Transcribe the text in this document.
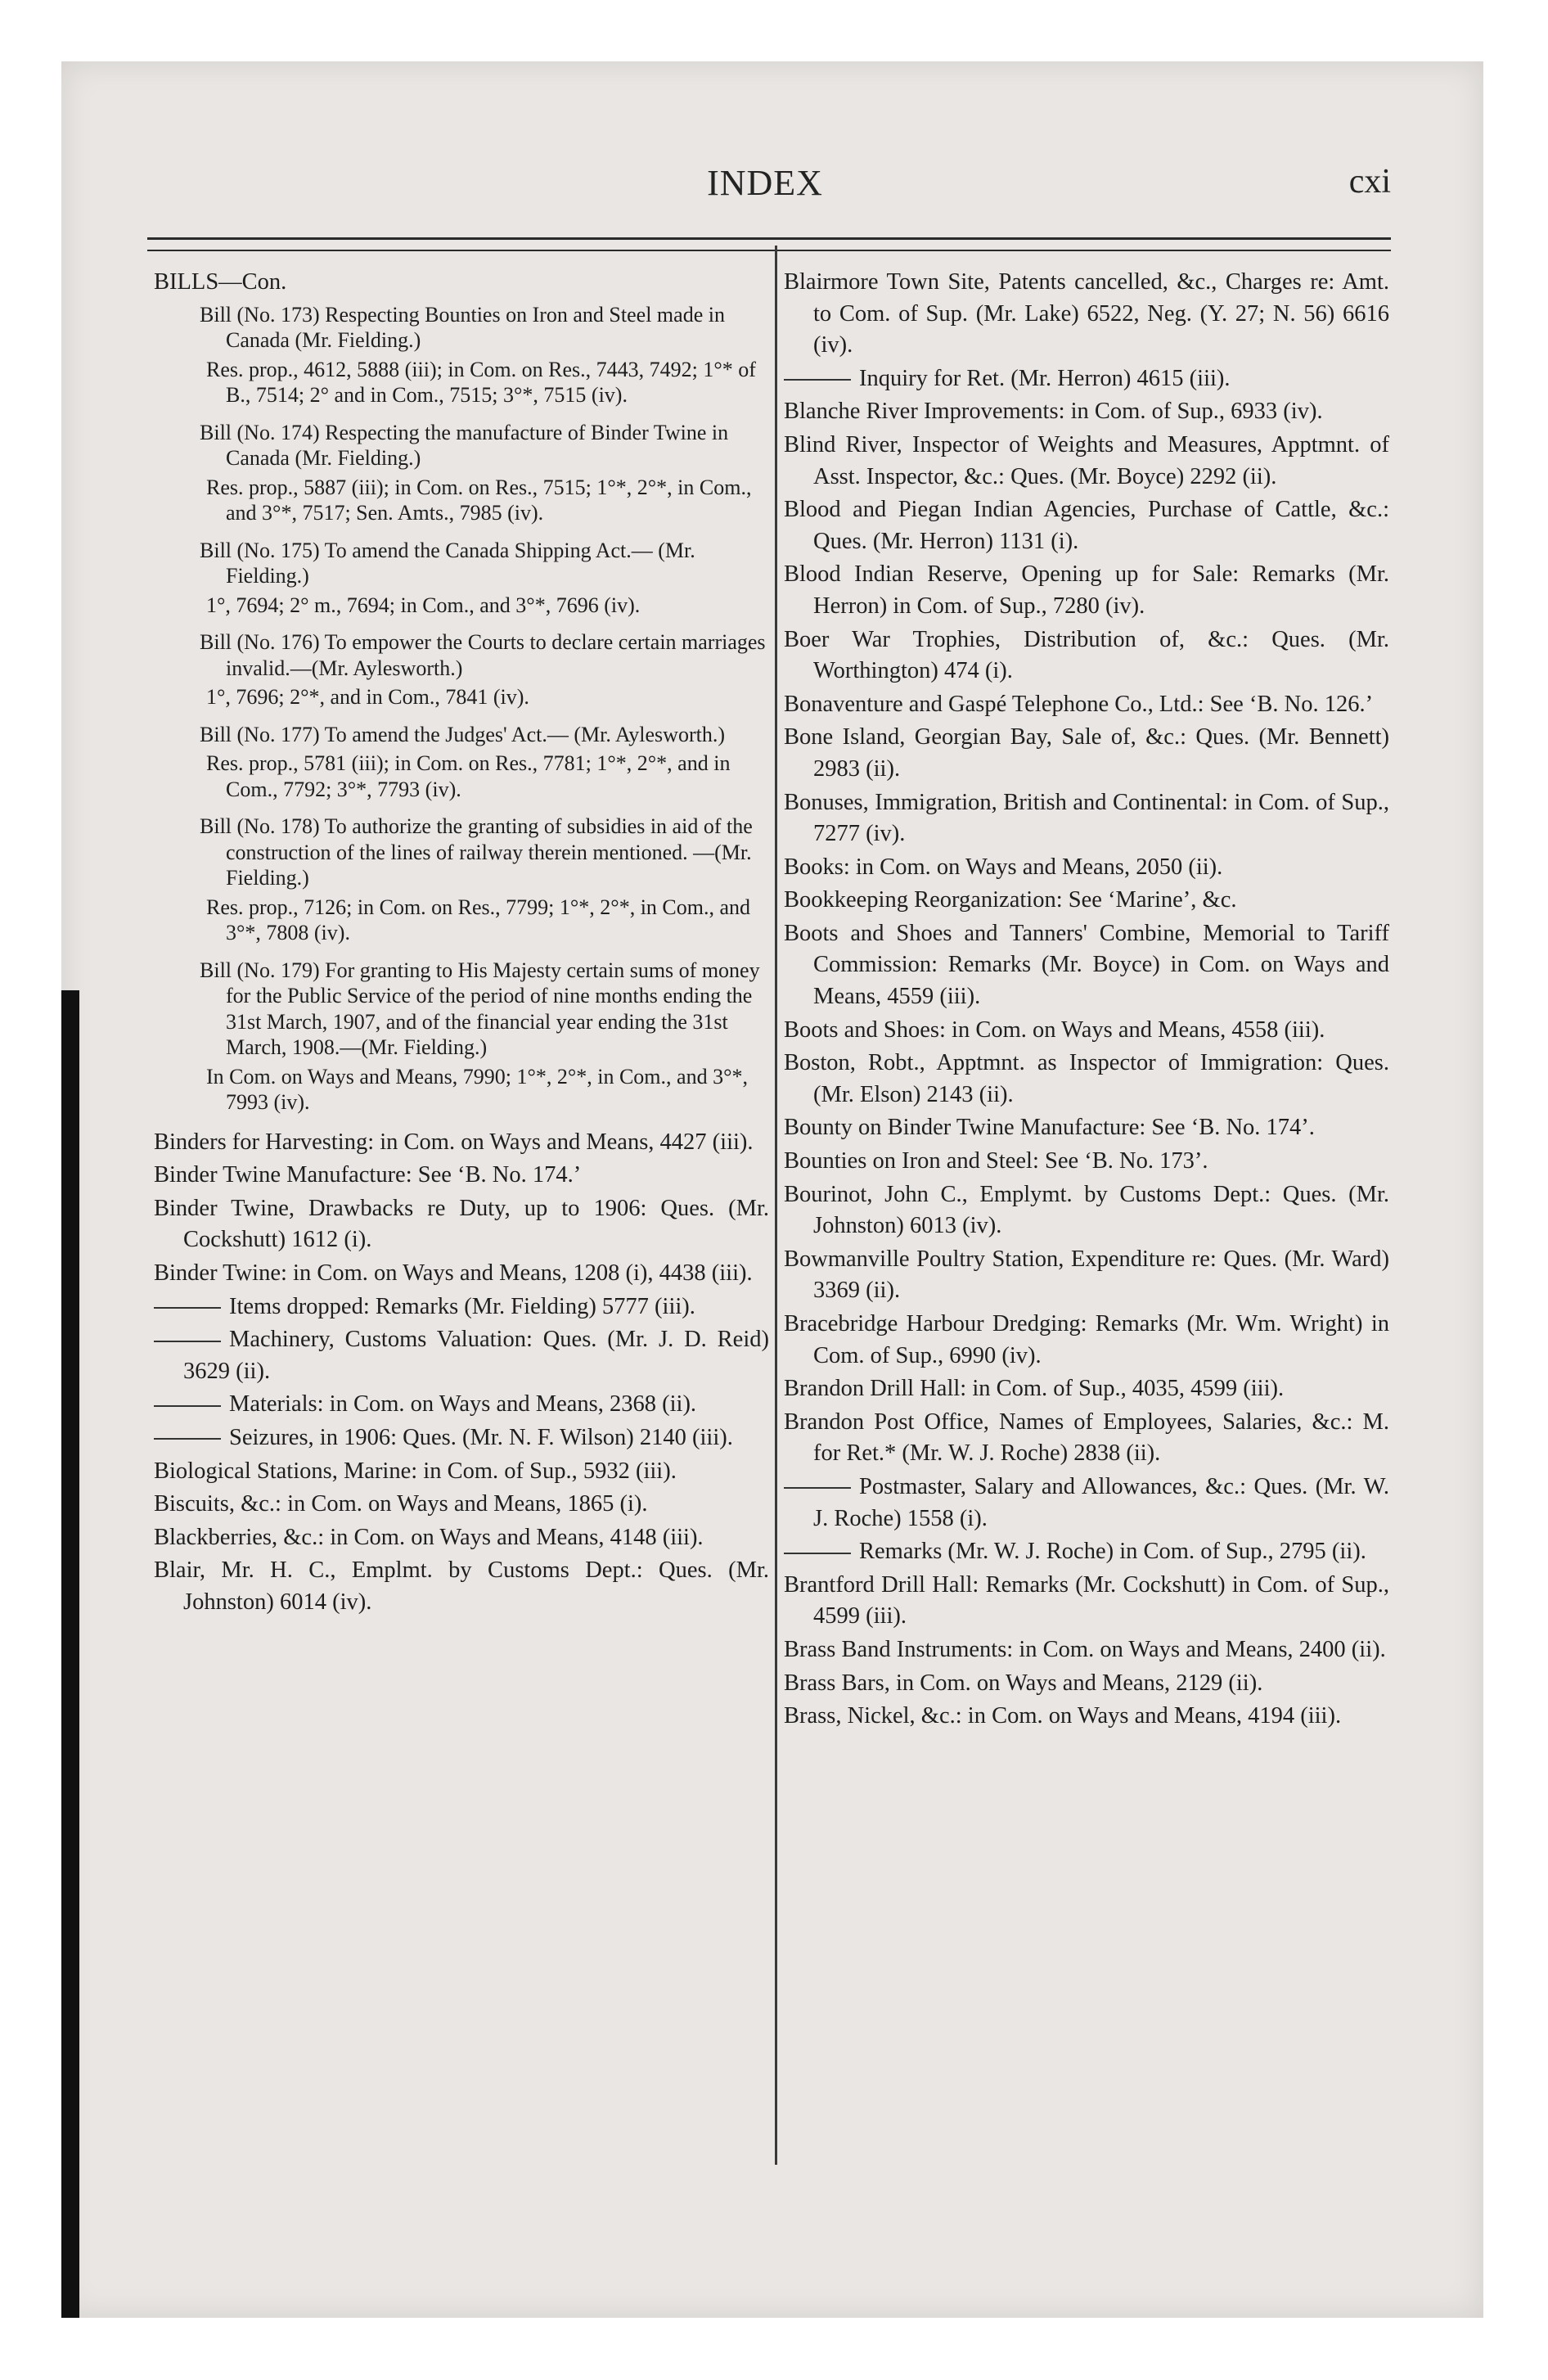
INDEX	cxi

BILLS—Con.

Bill (No. 173) Respecting Bounties on Iron and Steel made in Canada (Mr. Fielding.)

Res. prop., 4612, 5888 (iii); in Com. on Res., 7443, 7492; 1°* of B., 7514; 2° and in Com., 7515; 3°*, 7515 (iv).

Bill (No. 174) Respecting the manufacture of Binder Twine in Canada (Mr. Fielding.)

Res. prop., 5887 (iii); in Com. on Res., 7515; 1°*, 2°*, in Com., and 3°*, 7517; Sen. Amts., 7985 (iv).

Bill (No. 175) To amend the Canada Shipping Act.— (Mr. Fielding.)

1°, 7694; 2° m., 7694; in Com., and 3°*, 7696 (iv).

Bill (No. 176) To empower the Courts to declare certain marriages invalid.—(Mr. Aylesworth.)

1°, 7696; 2°*, and in Com., 7841 (iv).

Bill (No. 177) To amend the Judges' Act.— (Mr. Aylesworth.)

Res. prop., 5781 (iii); in Com. on Res., 7781; 1°*, 2°*, and in Com., 7792; 3°*, 7793 (iv).

Bill (No. 178) To authorize the granting of subsidies in aid of the construction of the lines of railway therein mentioned. —(Mr. Fielding.)

Res. prop., 7126; in Com. on Res., 7799; 1°*, 2°*, in Com., and 3°*, 7808 (iv).

Bill (No. 179) For granting to His Majesty certain sums of money for the Public Service of the period of nine months ending the 31st March, 1907, and of the financial year ending the 31st March, 1908.—(Mr. Fielding.)

In Com. on Ways and Means, 7990; 1°*, 2°*, in Com., and 3°*, 7993 (iv).

Binders for Harvesting: in Com. on Ways and Means, 4427 (iii).

Binder Twine Manufacture: See ‘B. No. 174.’

Binder Twine, Drawbacks re Duty, up to 1906: Ques. (Mr. Cockshutt) 1612 (i).

Binder Twine: in Com. on Ways and Means, 1208 (i), 4438 (iii).

Items dropped: Remarks (Mr. Fielding) 5777 (iii).

Machinery, Customs Valuation: Ques. (Mr. J. D. Reid) 3629 (ii).

Materials: in Com. on Ways and Means, 2368 (ii).

Seizures, in 1906: Ques. (Mr. N. F. Wilson) 2140 (iii).

Biological Stations, Marine: in Com. of Sup., 5932 (iii).

Biscuits, &c.: in Com. on Ways and Means, 1865 (i).

Blackberries, &c.: in Com. on Ways and Means, 4148 (iii).

Blair, Mr. H. C., Emplmt. by Customs Dept.: Ques. (Mr. Johnston) 6014 (iv).

Blairmore Town Site, Patents cancelled, &c., Charges re: Amt. to Com. of Sup. (Mr. Lake) 6522, Neg. (Y. 27; N. 56) 6616 (iv).

Inquiry for Ret. (Mr. Herron) 4615 (iii).

Blanche River Improvements: in Com. of Sup., 6933 (iv).

Blind River, Inspector of Weights and Measures, Apptmnt. of Asst. Inspector, &c.: Ques. (Mr. Boyce) 2292 (ii).

Blood and Piegan Indian Agencies, Purchase of Cattle, &c.: Ques. (Mr. Herron) 1131 (i).

Blood Indian Reserve, Opening up for Sale: Remarks (Mr. Herron) in Com. of Sup., 7280 (iv).

Boer War Trophies, Distribution of, &c.: Ques. (Mr. Worthington) 474 (i).

Bonaventure and Gaspé Telephone Co., Ltd.: See ‘B. No. 126.’

Bone Island, Georgian Bay, Sale of, &c.: Ques. (Mr. Bennett) 2983 (ii).

Bonuses, Immigration, British and Continental: in Com. of Sup., 7277 (iv).

Books: in Com. on Ways and Means, 2050 (ii).

Bookkeeping Reorganization: See ‘Marine’, &c.

Boots and Shoes and Tanners' Combine, Memorial to Tariff Commission: Remarks (Mr. Boyce) in Com. on Ways and Means, 4559 (iii).

Boots and Shoes: in Com. on Ways and Means, 4558 (iii).

Boston, Robt., Apptmnt. as Inspector of Immigration: Ques. (Mr. Elson) 2143 (ii).

Bounty on Binder Twine Manufacture: See ‘B. No. 174’.

Bounties on Iron and Steel: See ‘B. No. 173’.

Bourinot, John C., Emplymt. by Customs Dept.: Ques. (Mr. Johnston) 6013 (iv).

Bowmanville Poultry Station, Expenditure re: Ques. (Mr. Ward) 3369 (ii).

Bracebridge Harbour Dredging: Remarks (Mr. Wm. Wright) in Com. of Sup., 6990 (iv).

Brandon Drill Hall: in Com. of Sup., 4035, 4599 (iii).

Brandon Post Office, Names of Employees, Salaries, &c.: M. for Ret.* (Mr. W. J. Roche) 2838 (ii).

Postmaster, Salary and Allowances, &c.: Ques. (Mr. W. J. Roche) 1558 (i).

Remarks (Mr. W. J. Roche) in Com. of Sup., 2795 (ii).

Brantford Drill Hall: Remarks (Mr. Cockshutt) in Com. of Sup., 4599 (iii).

Brass Band Instruments: in Com. on Ways and Means, 2400 (ii).

Brass Bars, in Com. on Ways and Means, 2129 (ii).

Brass, Nickel, &c.: in Com. on Ways and Means, 4194 (iii).
